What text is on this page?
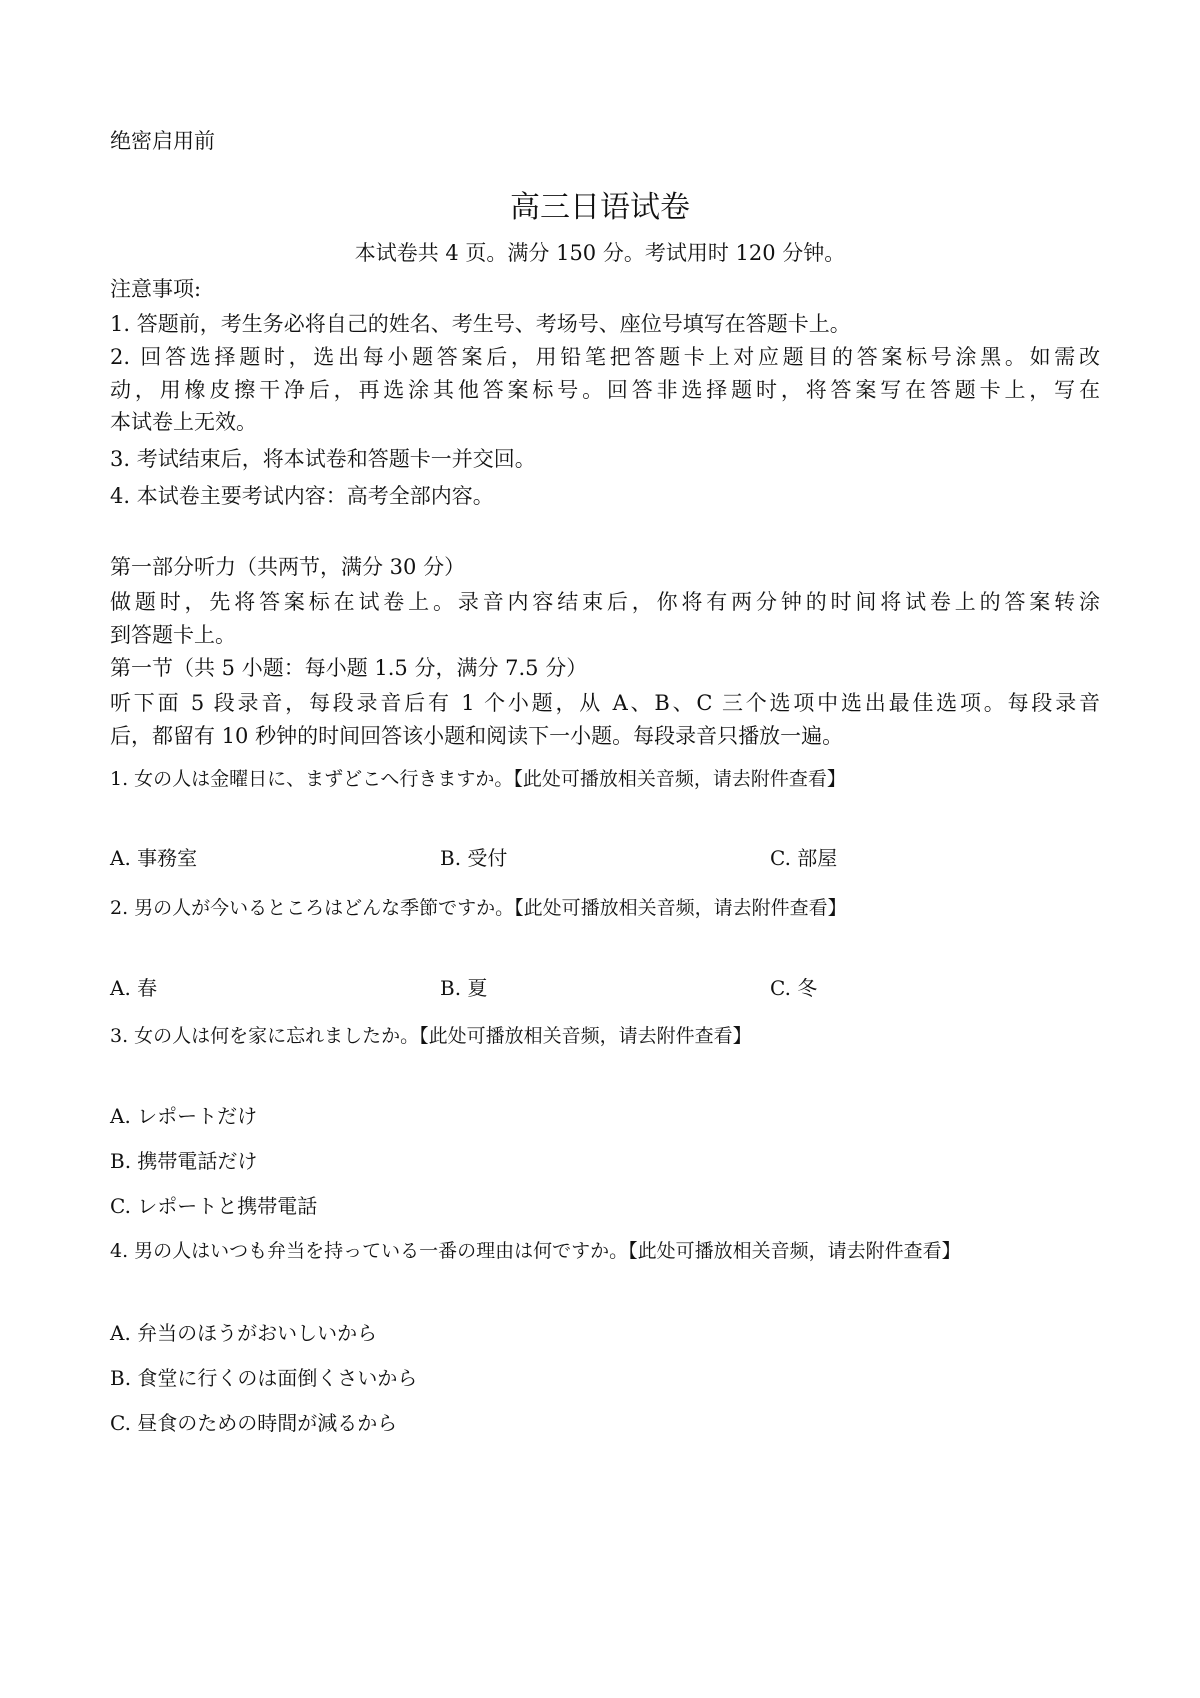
绝密启用前
高三日语试卷
本试卷共 4 页。满分 150 分。考试用时 120 分钟。
注意事项:
1. 答题前，考生务必将自己的姓名、考生号、考场号、座位号填写在答题卡上。
2. 回答选择题时，选出每小题答案后，用铅笔把答题卡上对应题目的答案标号涂黑。如需改
动，用橡皮擦干净后，再选涂其他答案标号。回答非选择题时，将答案写在答题卡上，写在
本试卷上无效。
3. 考试结束后，将本试卷和答题卡一并交回。
4. 本试卷主要考试内容：高考全部内容。
第一部分听力（共两节，满分 30 分）
做题时，先将答案标在试卷上。录音内容结束后，你将有两分钟的时间将试卷上的答案转涂
到答题卡上。
第一节（共 5 小题：每小题 1.5 分，满分 7.5 分）
听下面 5 段录音，每段录音后有 1 个小题，从 A、B、C 三个选项中选出最佳选项。每段录音
后，都留有 10 秒钟的时间回答该小题和阅读下一小题。每段录音只播放一遍。
1. 女の人は金曜日に、まずどこへ行きますか。【此处可播放相关音频，请去附件查看】
A. 事務室	B. 受付	C. 部屋
2. 男の人が今いるところはどんな季節ですか。【此处可播放相关音频，请去附件查看】
A. 春	B. 夏	C. 冬
3. 女の人は何を家に忘れましたか。【此处可播放相关音频，请去附件查看】
A. レポートだけ
B. 携帯電話だけ
C. レポートと携帯電話
4. 男の人はいつも弁当を持っている一番の理由は何ですか。【此处可播放相关音频，请去附件查看】
A. 弁当のほうがおいしいから
B. 食堂に行くのは面倒くさいから
C. 昼食のための時間が減るから
